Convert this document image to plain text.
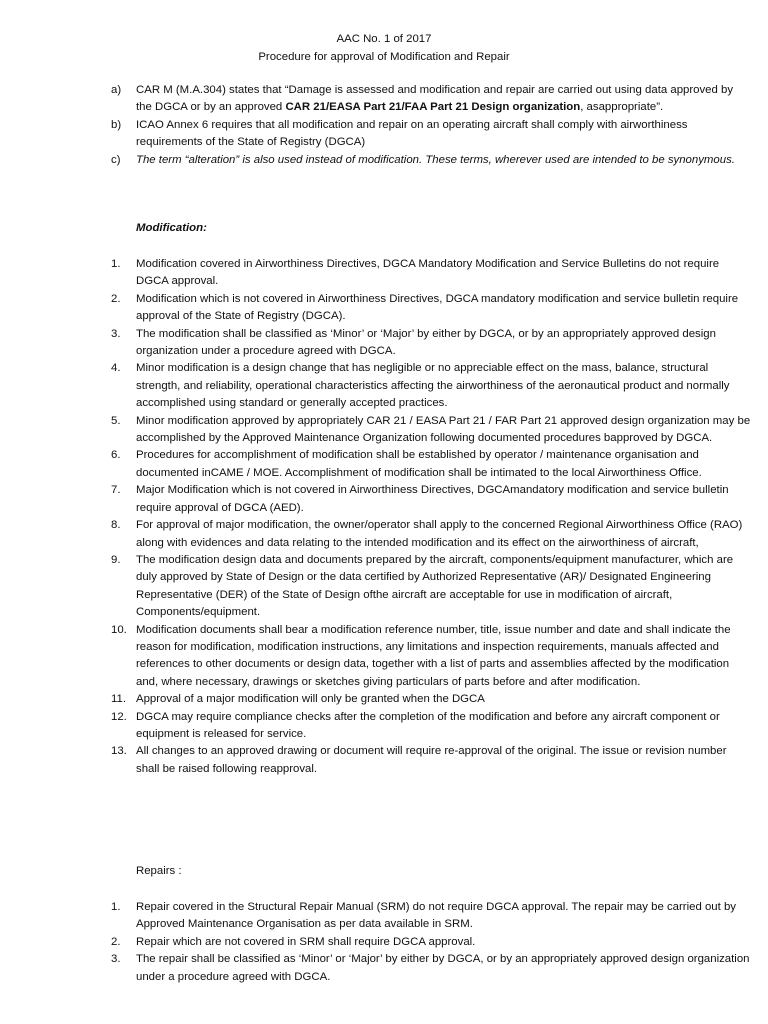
AAC No. 1 of 2017
Procedure for approval of Modification and Repair
a) CAR M (M.A.304) states that “Damage is assessed and modification and repair are carried out using data approved by the DGCA or by an approved CAR 21/EASA Part 21/FAA Part 21 Design organization, asappropriate”.
b) ICAO Annex 6 requires that all modification and repair on an operating aircraft shall comply with airworthiness requirements of the State of Registry (DGCA)
c) The term “alteration” is also used instead of modification. These terms, wherever used are intended to be synonymous.
Modification:
1. Modification covered in Airworthiness Directives, DGCA Mandatory Modification and Service Bulletins do not require DGCA approval.
2. Modification which is not covered in Airworthiness Directives, DGCA mandatory modification and service bulletin require approval of the State of Registry (DGCA).
3. The modification shall be classified as ‘Minor’ or ‘Major’ by either by DGCA, or by an appropriately approved design organization under a procedure agreed with DGCA.
4. Minor modification is a design change that has negligible or no appreciable effect on the mass, balance, structural strength, and reliability, operational characteristics affecting the airworthiness of the aeronautical product and normally accomplished using standard or generally accepted practices.
5. Minor modification approved by appropriately CAR 21 / EASA Part 21 / FAR Part 21 approved design organization may be accomplished by the Approved Maintenance Organization following documented procedures bapproved by DGCA.
6. Procedures for accomplishment of modification shall be established by operator / maintenance organisation and documented inCAME / MOE. Accomplishment of modification shall be intimated to the local Airworthiness Office.
7. Major Modification which is not covered in Airworthiness Directives, DGCAmandatory modification and service bulletin require approval of DGCA (AED).
8. For approval of major modification, the owner/operator shall apply to the concerned Regional Airworthiness Office (RAO) along with evidences and data relating to the intended modification and its effect on the airworthiness of aircraft,
9. The modification design data and documents prepared by the aircraft, components/equipment manufacturer, which are duly approved by State of Design or the data certified by Authorized Representative (AR)/ Designated Engineering Representative (DER) of the State of Design ofthe aircraft are acceptable for use in modification of aircraft, Components/equipment.
10. Modification documents shall bear a modification reference number, title, issue number and date and shall indicate the reason for modification, modification instructions, any limitations and inspection requirements, manuals affected and references to other documents or design data, together with a list of parts and assemblies affected by the modification and, where necessary, drawings or sketches giving particulars of parts before and after modification.
11. Approval of a major modification will only be granted when the DGCA
12. DGCA may require compliance checks after the completion of the modification and before any aircraft component or equipment is released for service.
13. All changes to an approved drawing or document will require re-approval of the original. The issue or revision number shall be raised following reapproval.
Repairs :
1. Repair covered in the Structural Repair Manual (SRM) do not require DGCA approval. The repair may be carried out by Approved Maintenance Organisation as per data available in SRM.
2. Repair which are not covered in SRM shall require DGCA approval.
3. The repair shall be classified as ‘Minor’ or ‘Major’ by either by DGCA, or by an appropriately approved design organization under a procedure agreed with DGCA.
